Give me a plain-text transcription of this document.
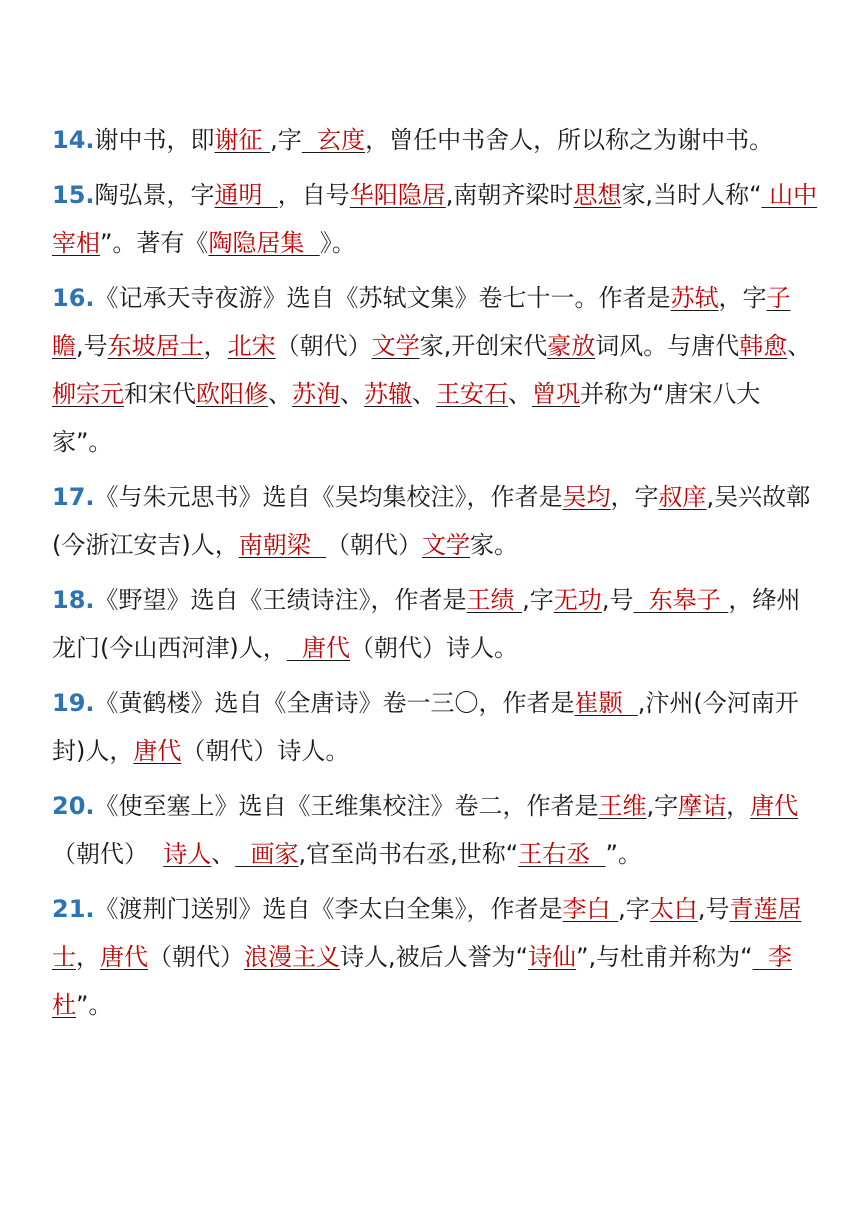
14.谢中书，即谢征 ,字  玄度，曾任中书舍人，所以称之为谢中书。
15.陶弘景，字通明  ，自号华阳隐居,南朝齐梁时思想家,当时人称“ 山中宰相”。著有《陶隐居集  》。
16.《记承天寺夜游》选自《苏轼文集》卷七十一。作者是苏轼，字子瞻,号东坡居士，北宋（朝代）文学家,开创宋代豪放词风。与唐代韩愈、柳宗元和宋代欧阳修、苏洵、苏辙、王安石、曾巩并称为“唐宋八大家”。
17.《与朱元思书》选自《吴均集校注》，作者是吴均，字叔庠,吴兴故鄣(今浙江安吉)人，南朝梁  （朝代）文学家。
18.《野望》选自《王绩诗注》，作者是王绩 ,字无功,号  东皋子 ，绛州龙门(今山西河津)人，  唐代（朝代）诗人。
19.《黄鹤楼》选自《全唐诗》卷一三〇，作者是崔颢  ,汴州(今河南开封)人，唐代（朝代）诗人。
20.《使至塞上》选自《王维集校注》卷二，作者是王维,字摩诘，唐代（朝代）  诗人、  画家,官至尚书右丞,世称“王右丞  ”。
21.《渡荆门送别》选自《李太白全集》，作者是李白 ,字太白,号青莲居士，唐代（朝代）浪漫主义诗人,被后人誉为“诗仙”,与杜甫并称为“  李杜”。
